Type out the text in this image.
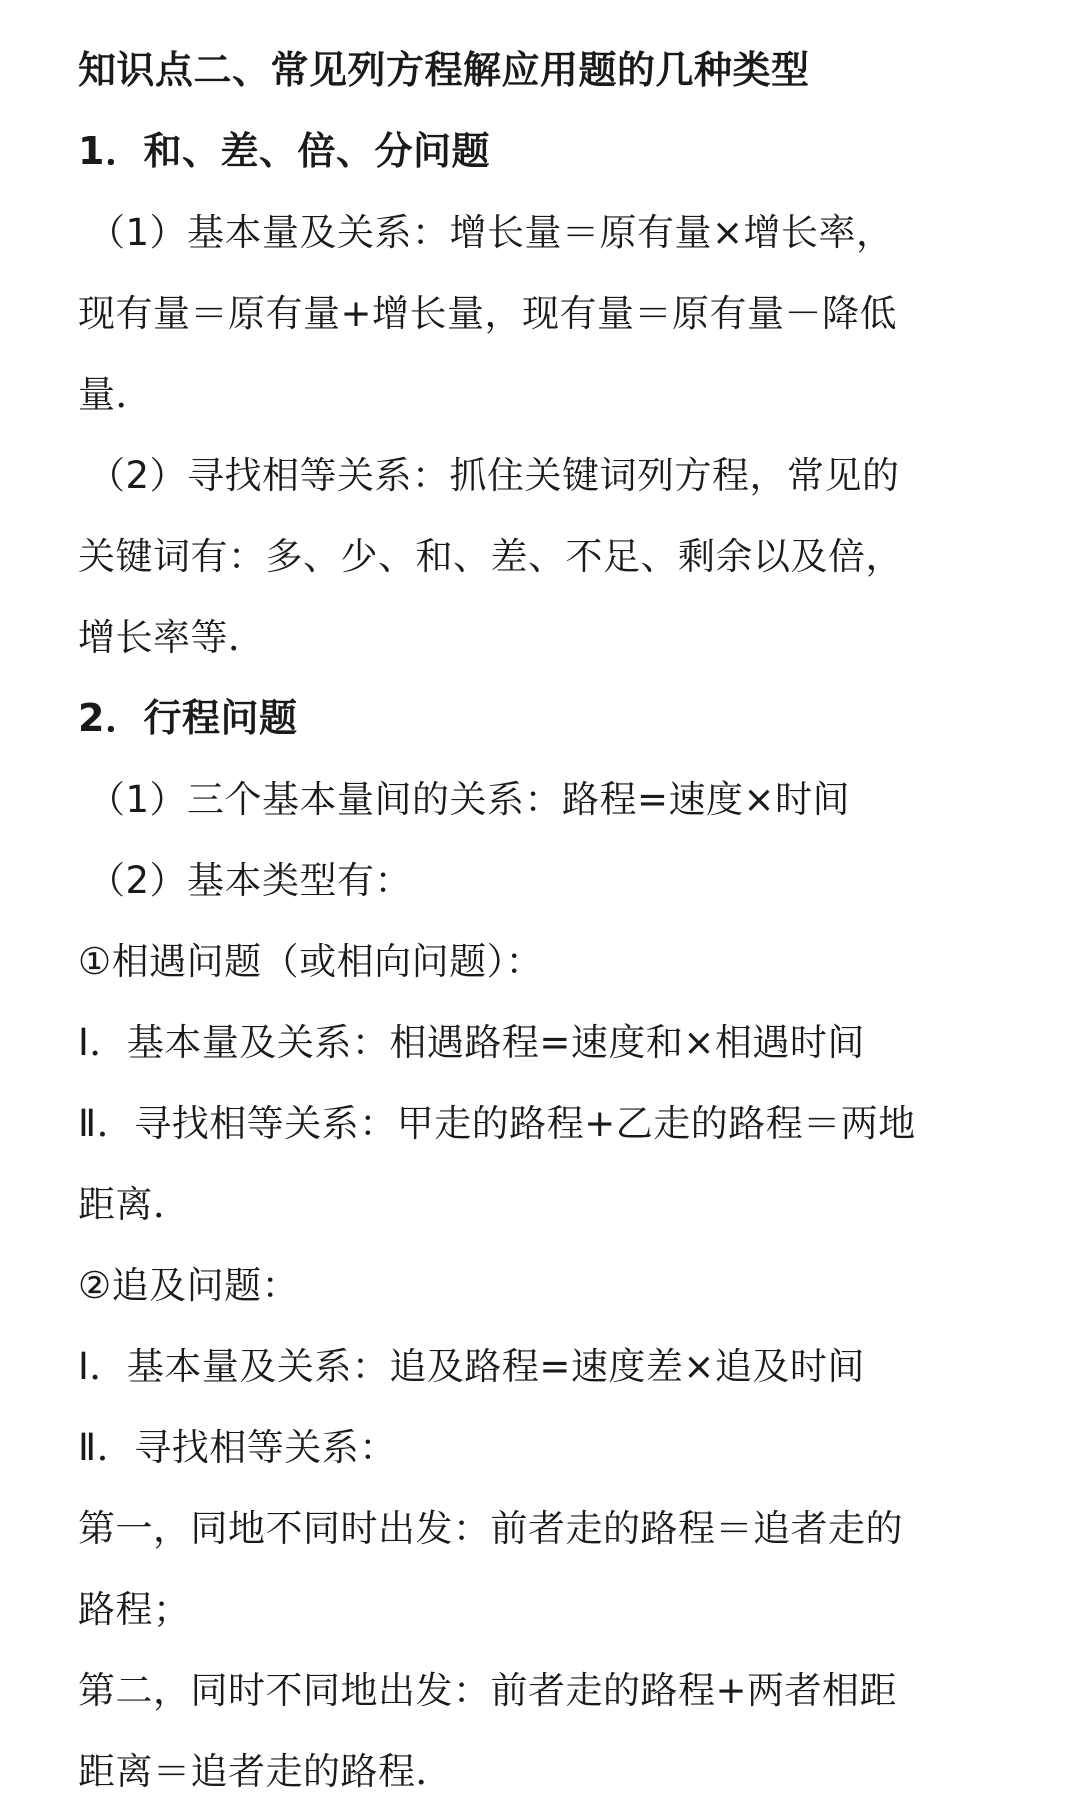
知识点二、常见列方程解应用题的几种类型

1．和、差、倍、分问题

（1）基本量及关系：增长量＝原有量×增长率，

现有量＝原有量+增长量，现有量＝原有量－降低

量．

（2）寻找相等关系：抓住关键词列方程，常见的

关键词有：多、少、和、差、不足、剩余以及倍，

增长率等．

2．行程问题

（1）三个基本量间的关系：路程=速度×时间

（2）基本类型有：

①相遇问题（或相向问题）：

Ⅰ．基本量及关系：相遇路程=速度和×相遇时间

Ⅱ．寻找相等关系：甲走的路程+乙走的路程＝两地

距离．

②追及问题：

Ⅰ．基本量及关系：追及路程=速度差×追及时间

Ⅱ．寻找相等关系：

第一，同地不同时出发：前者走的路程＝追者走的

路程；

第二，同时不同地出发：前者走的路程+两者相距

距离＝追者走的路程．
